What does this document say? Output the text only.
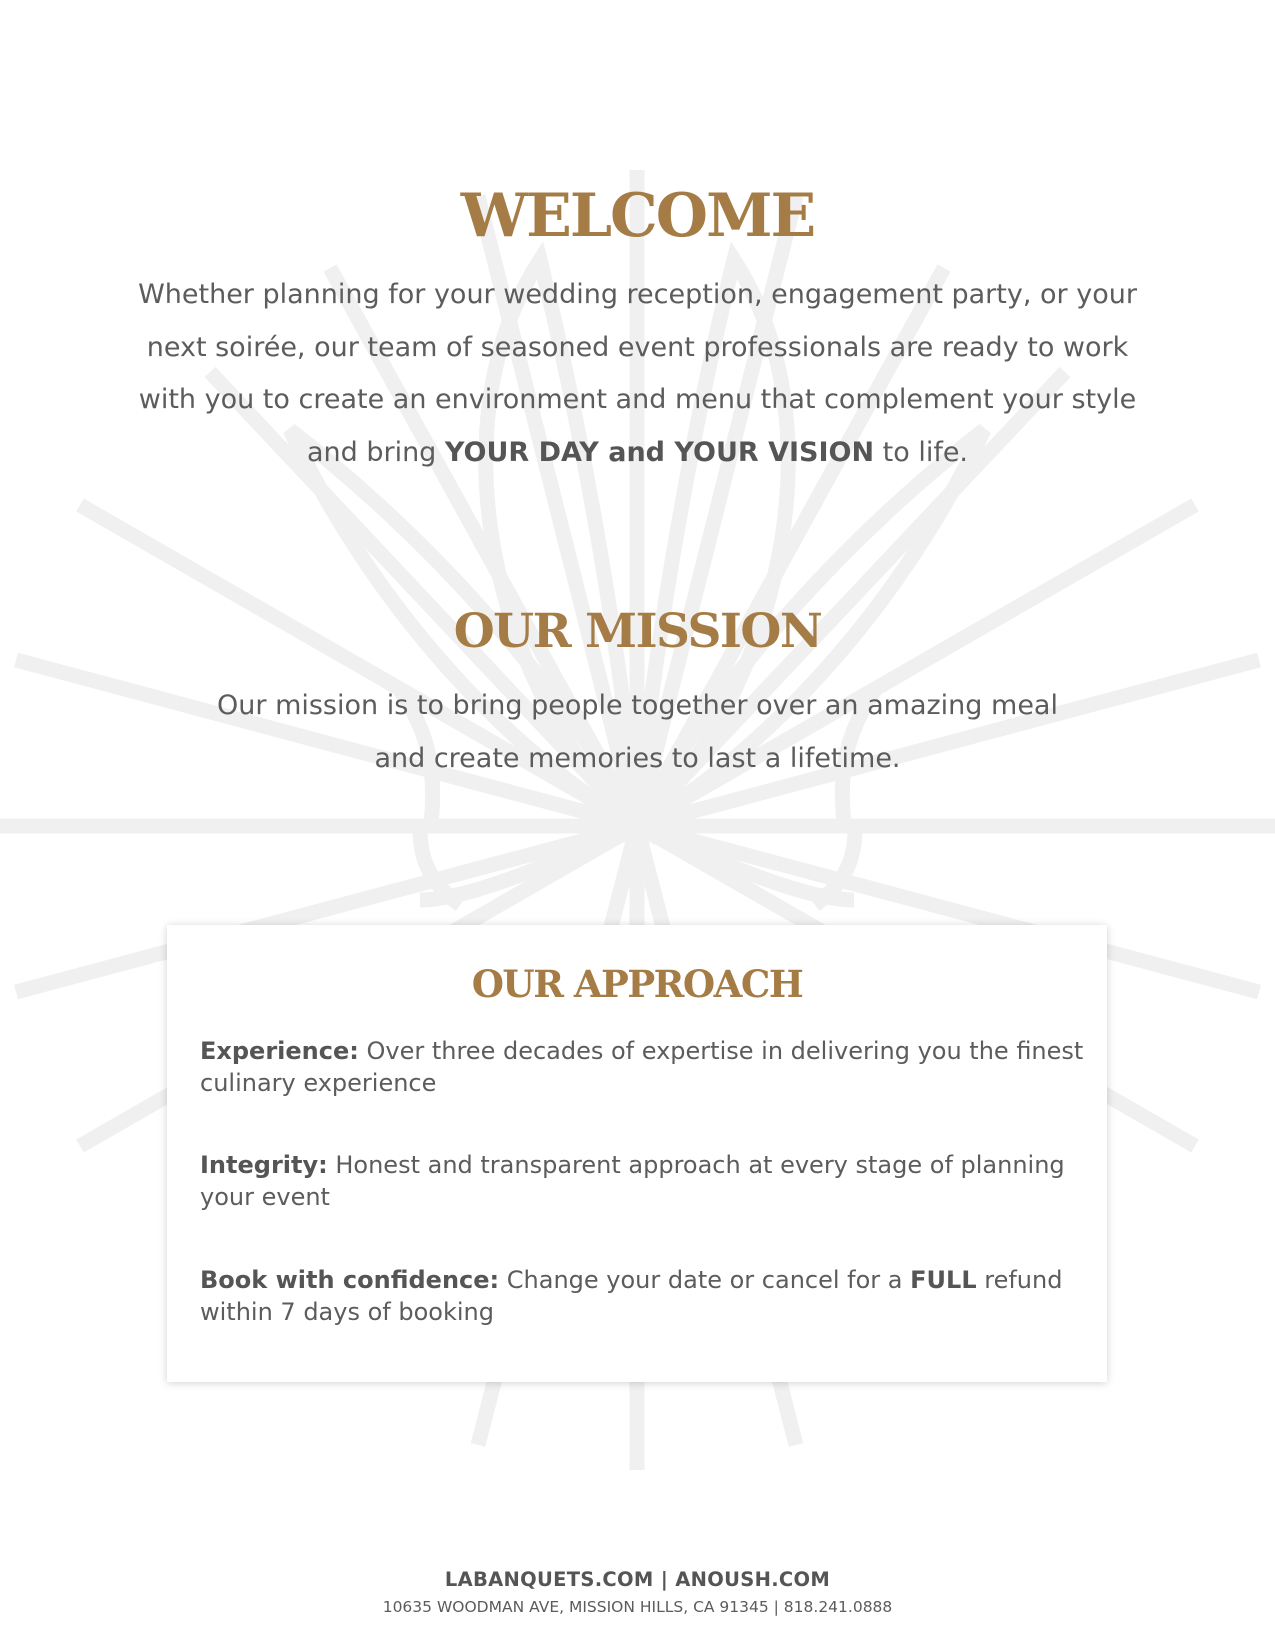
WELCOME

Whether planning for your wedding reception, engagement party, or your
next soirée, our team of seasoned event professionals are ready to work
with you to create an environment and menu that complement your style
and bring YOUR DAY and YOUR VISION to life.

OUR MISSION

Our mission is to bring people together over an amazing meal
and create memories to last a lifetime.

OUR APPROACH

Experience: Over three decades of expertise in delivering you the finest
culinary experience

Integrity: Honest and transparent approach at every stage of planning
your event

Book with confidence: Change your date or cancel for a FULL refund
within 7 days of booking

LABANQUETS.COM | ANOUSH.COM
10635 WOODMAN AVE, MISSION HILLS, CA 91345 | 818.241.0888
